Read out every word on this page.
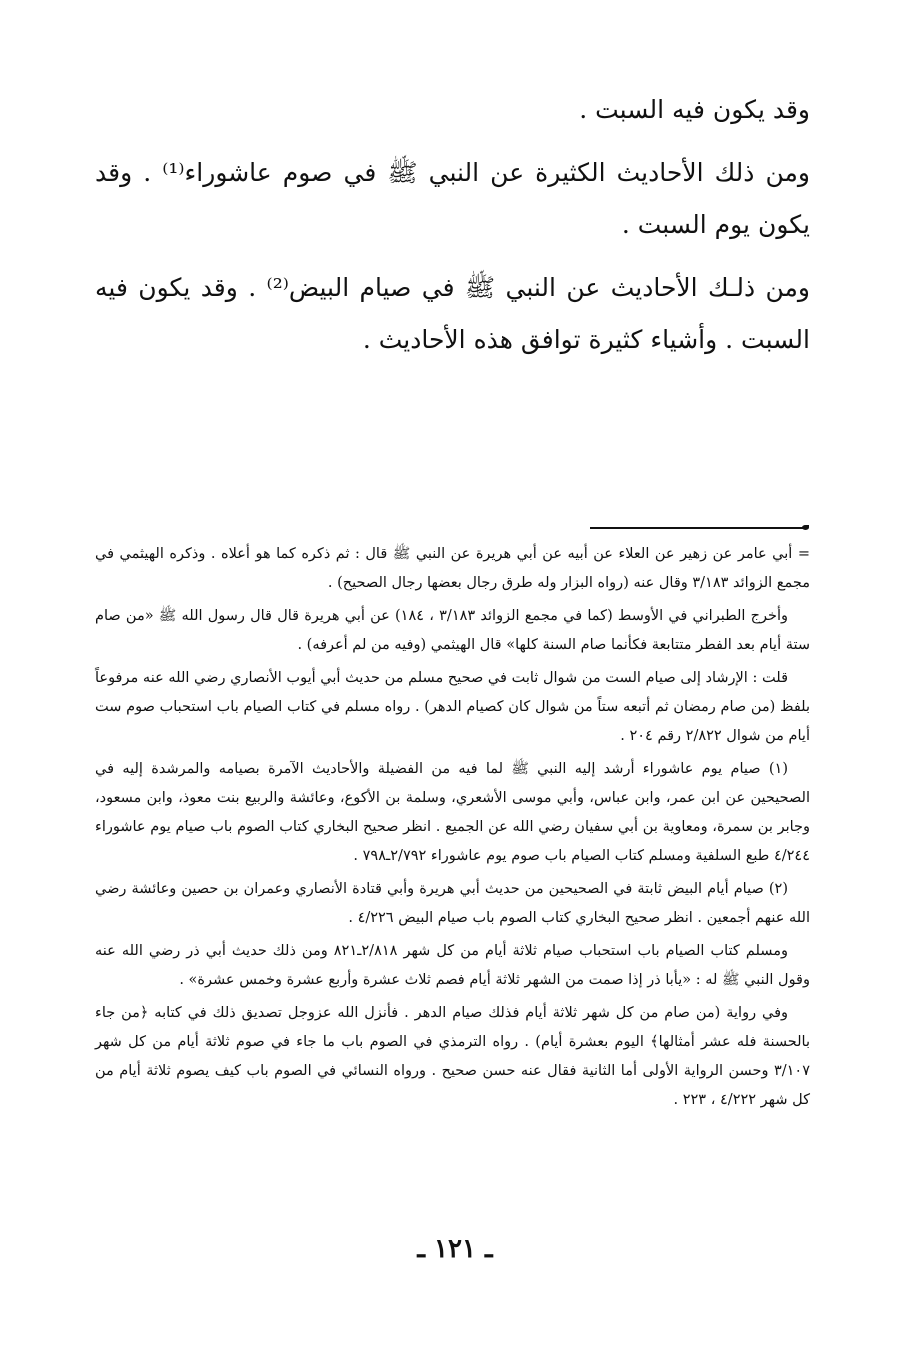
وقد يكون فيه السبت .

ومن ذلك الأحاديث الكثيرة عن النبي ﷺ في صوم عاشوراء⁽¹⁾ . وقد يكون يوم السبت .

ومن ذلـك الأحاديث عن النبي ﷺ في صيام البيض⁽²⁾ . وقد يكون فيه السبت . وأشياء كثيرة توافق هذه الأحاديث .

= أبي عامر عن زهير عن العلاء عن أبيه عن أبي هريرة عن النبي ﷺ قال : ثم ذكره كما هو أعلاه . وذكره الهيثمي في مجمع الزوائد ٣/١٨٣ وقال عنه (رواه البزار وله طرق رجال بعضها رجال الصحيح) .

وأخرج الطبراني في الأوسط (كما في مجمع الزوائد ٣/١٨٣ ، ١٨٤) عن أبي هريرة قال قال رسول الله ﷺ «من صام ستة أيام بعد الفطر متتابعة فكأنما صام السنة كلها» قال الهيثمي (وفيه من لم أعرفه) .

قلت : الإرشاد إلى صيام الست من شوال ثابت في صحيح مسلم من حديث أبي أيوب الأنصاري رضي الله عنه مرفوعاً بلفظ (من صام رمضان ثم أتبعه ستاً من شوال كان كصيام الدهر) . رواه مسلم في كتاب الصيام باب استحباب صوم ست أيام من شوال ٢/٨٢٢ رقم ٢٠٤ .

(١) صيام يوم عاشوراء أرشد إليه النبي ﷺ لما فيه من الفضيلة والأحاديث الآمرة بصيامه والمرشدة إليه في الصحيحين عن ابن عمر، وابن عباس، وأبي موسى الأشعري، وسلمة بن الأكوع، وعائشة والربيع بنت معوذ، وابن مسعود، وجابر بن سمرة، ومعاوية بن أبي سفيان رضي الله عن الجميع . انظر صحيح البخاري كتاب الصوم باب صيام يوم عاشوراء ٤/٢٤٤ طبع السلفية ومسلم كتاب الصيام باب صوم يوم عاشوراء ٢/٧٩٢ـ٧٩٨ .

(٢) صيام أيام البيض ثابتة في الصحيحين من حديث أبي هريرة وأبي قتادة الأنصاري وعمران بن حصين وعائشة رضي الله عنهم أجمعين . انظر صحيح البخاري كتاب الصوم باب صيام البيض ٤/٢٢٦ .

ومسلم كتاب الصيام باب استحباب صيام ثلاثة أيام من كل شهر ٢/٨١٨ـ٨٢١ ومن ذلك حديث أبي ذر رضي الله عنه وقول النبي ﷺ له : «يأبا ذر إذا صمت من الشهر ثلاثة أيام فصم ثلاث عشرة وأربع عشرة وخمس عشرة» .

وفي رواية (من صام من كل شهر ثلاثة أيام فذلك صيام الدهر . فأنزل الله عزوجل تصديق ذلك في كتابه ﴿من جاء بالحسنة فله عشر أمثالها﴾ اليوم بعشرة أيام) . رواه الترمذي في الصوم باب ما جاء في صوم ثلاثة أيام من كل شهر ٣/١٠٧ وحسن الرواية الأولى أما الثانية فقال عنه حسن صحيح . ورواه النسائي في الصوم باب كيف يصوم ثلاثة أيام من كل شهر ٤/٢٢٢ ، ٢٢٣ .

ـ ١٢١ ـ
